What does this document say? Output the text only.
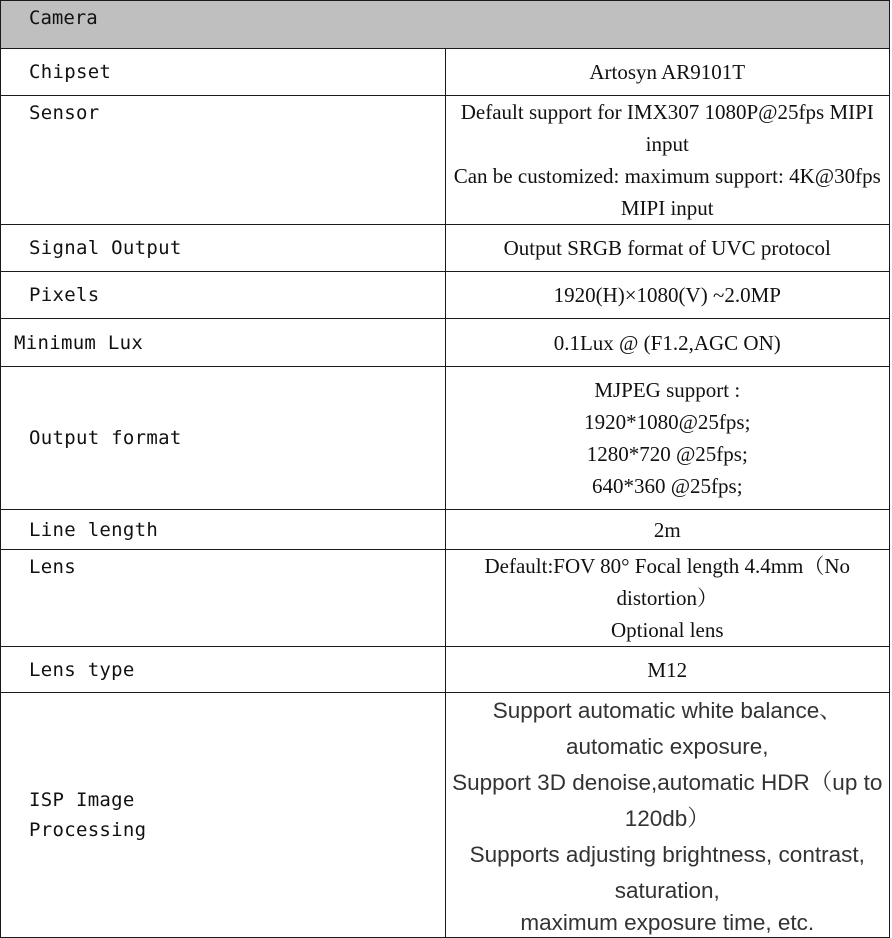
Camera	
Chipset	Artosyn AR9101T

Sensor	Default support for IMX307 1080P@25fps MIPI input
Can be customized: maximum support: 4K@30fps MIPI input

Signal Output	Output SRGB format of UVC protocol

Pixels	1920(H)×1080(V) ~2.0MP

Minimum Lux	0.1Lux @ (F1.2,AGC ON)

Output format	MJPEG support :
1920*1080@25fps;
1280*720 @25fps;
640*360 @25fps;

Line length	2m

Lens	Default:FOV 80° Focal length 4.4mm（No distortion）
Optional lens

Lens type	M12

ISP Image
Processing	Support automatic white balance、automatic exposure,
Support 3D denoise,automatic HDR（up to 120db）
Supports adjusting brightness, contrast, saturation,
maximum exposure time, etc.
